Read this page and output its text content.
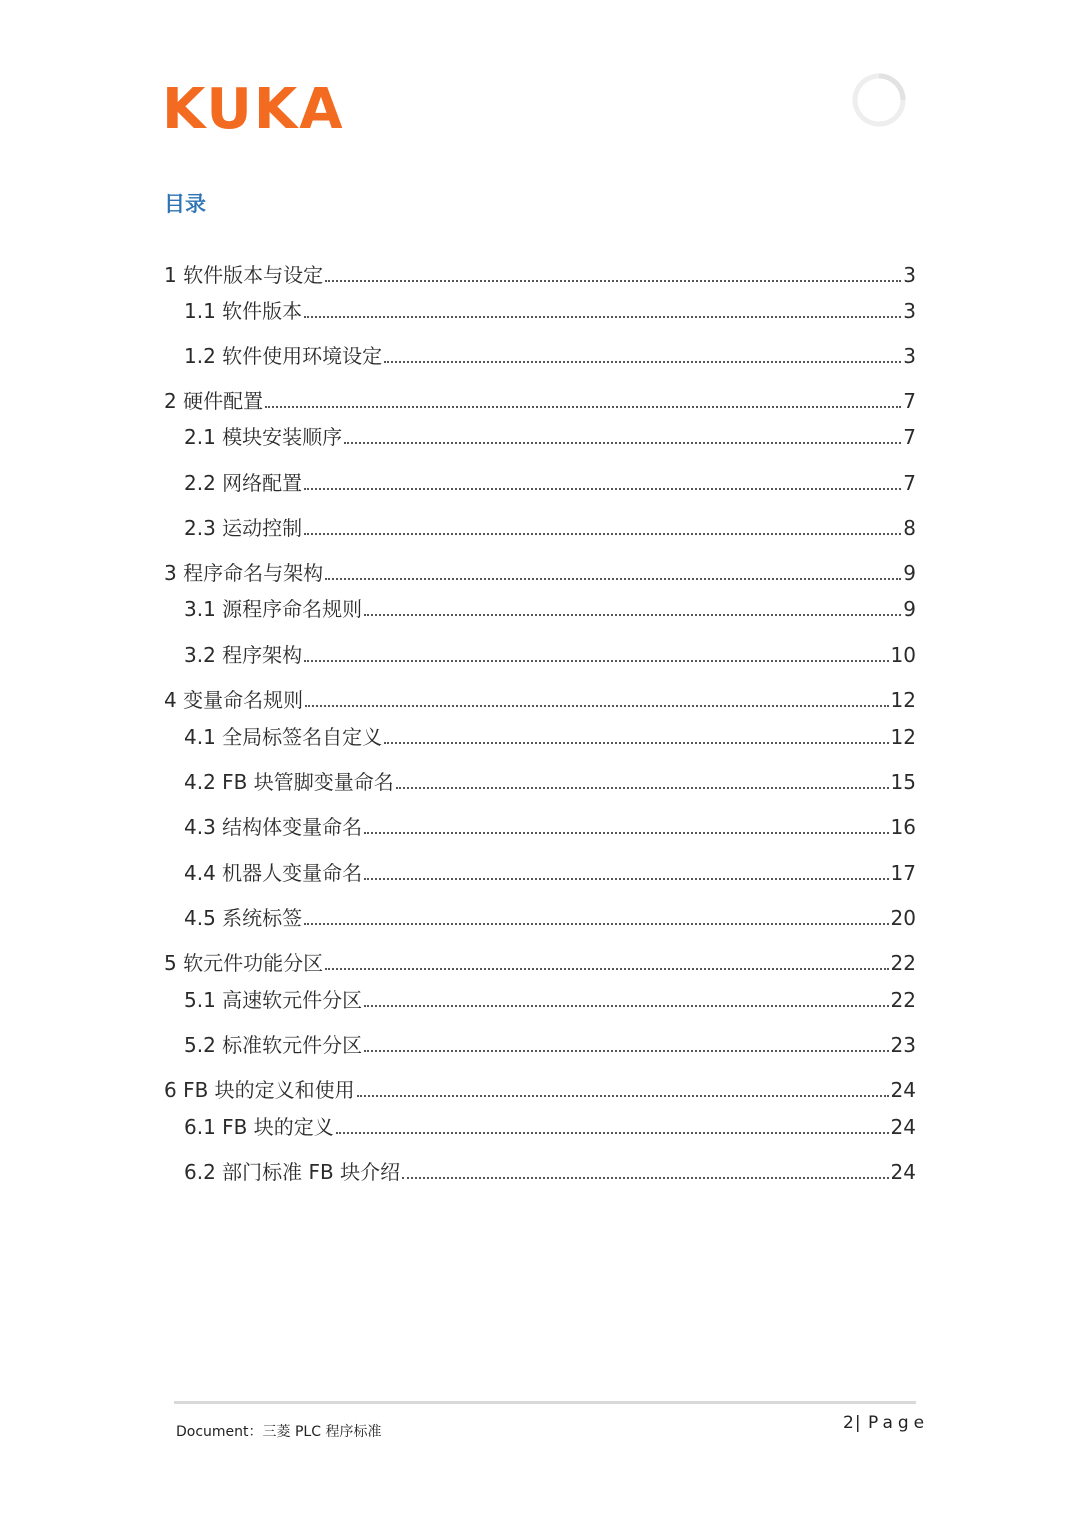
KUKA
目录
1 软件版本与设定	3
1.1 软件版本	3
1.2 软件使用环境设定	3
2 硬件配置	7
2.1 模块安装顺序	7
2.2 网络配置	7
2.3 运动控制	8
3 程序命名与架构	9
3.1 源程序命名规则	9
3.2 程序架构	10
4 变量命名规则	12
4.1 全局标签名自定义	12
4.2 FB 块管脚变量命名	15
4.3 结构体变量命名	16
4.4 机器人变量命名	17
4.5 系统标签	20
5 软元件功能分区	22
5.1 高速软元件分区	22
5.2 标准软元件分区	23
6 FB 块的定义和使用	24
6.1 FB 块的定义	24
6.2 部门标准 FB 块介绍	24
Document：三菱 PLC 程序标准	2| Page
